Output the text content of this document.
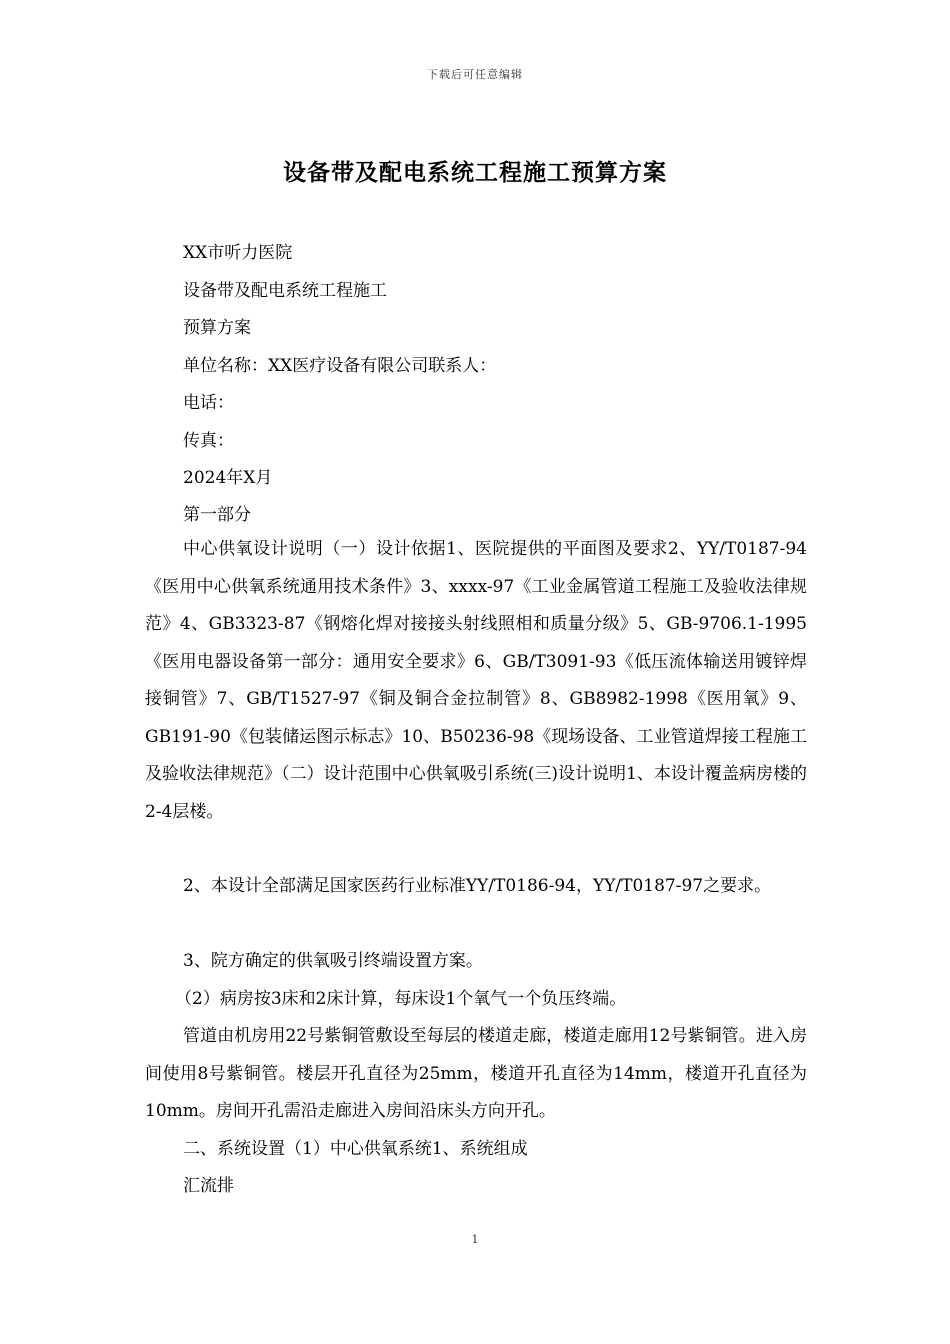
下载后可任意编辑
设备带及配电系统工程施工预算方案
XX市听力医院
设备带及配电系统工程施工
预算方案
单位名称：XX医疗设备有限公司联系人：
电话：
传真：
2024年X月
第一部分
中心供氧设计说明（一）设计依据1、医院提供的平面图及要求2、YY/T0187-94《医用中心供氧系统通用技术条件》3、xxxx-97《工业金属管道工程施工及验收法律规范》4、GB3323-87《钢熔化焊对接接头射线照相和质量分级》5、GB-9706.1-1995《医用电器设备第一部分：通用安全要求》6、GB/T3091-93《低压流体输送用镀锌焊接铜管》7、GB/T1527-97《铜及铜合金拉制管》8、GB8982-1998《医用氧》9、GB191-90《包装储运图示标志》10、B50236-98《现场设备、工业管道焊接工程施工及验收法律规范》（二）设计范围中心供氧吸引系统(三)设计说明1、本设计覆盖病房楼的2-4层楼。
2、本设计全部满足国家医药行业标准YY/T0186-94，YY/T0187-97之要求。
3、院方确定的供氧吸引终端设置方案。
（2）病房按3床和2床计算，每床设1个氧气一个负压终端。
管道由机房用22号紫铜管敷设至每层的楼道走廊，楼道走廊用12号紫铜管。进入房间使用8号紫铜管。楼层开孔直径为25mm，楼道开孔直径为14mm，楼道开孔直径为10mm。房间开孔需沿走廊进入房间沿床头方向开孔。
二、系统设置（1）中心供氧系统1、系统组成
汇流排
1
